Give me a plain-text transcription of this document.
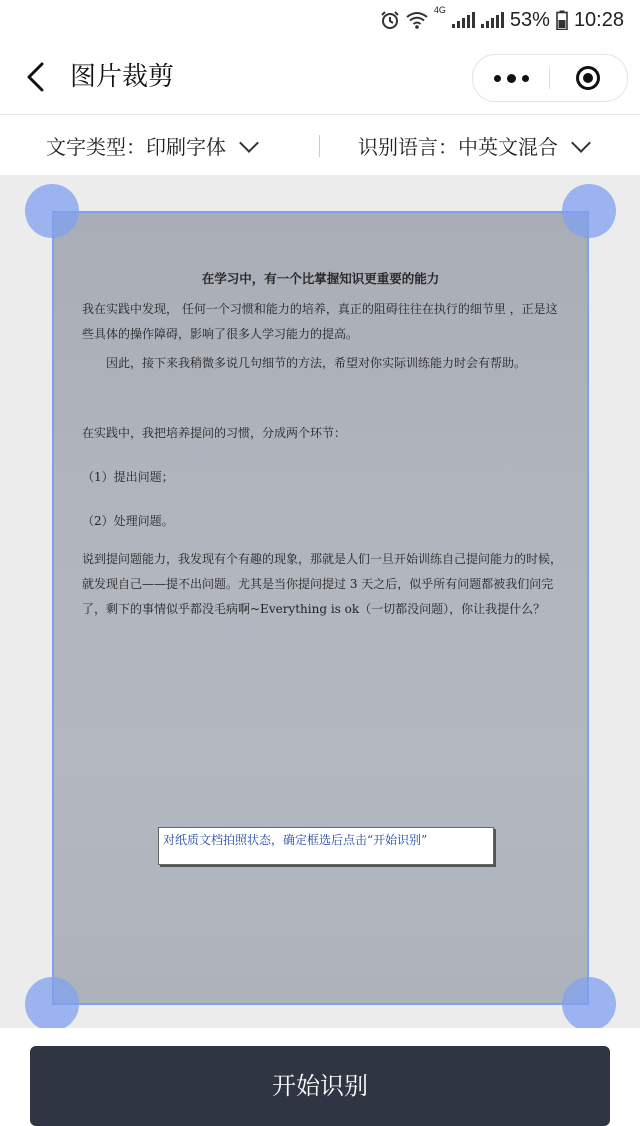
4G	53% 10:28
图片裁剪
文字类型：印刷字体	识别语言：中英文混合
在学习中，有一个比掌握知识更重要的能力
我在实践中发现， 任何一个习惯和能力的培养，真正的阻碍往往在执行的细节里 ，正是这些具体的操作障碍，影响了很多人学习能力的提高。
因此，接下来我稍微多说几句细节的方法，希望对你实际训练能力时会有帮助。
在实践中，我把培养提问的习惯，分成两个环节：
（1）提出问题；
（2）处理问题。
说到提问题能力，我发现有个有趣的现象，那就是人们一旦开始训练自己提问能力的时候，就发现自己——提不出问题。尤其是当你提问提过 3 天之后，似乎所有问题都被我们问完了，剩下的事情似乎都没毛病啊~Everything is ok（一切都没问题），你让我提什么？
对纸质文档拍照状态，确定框选后点击“开始识别”
开始识别
